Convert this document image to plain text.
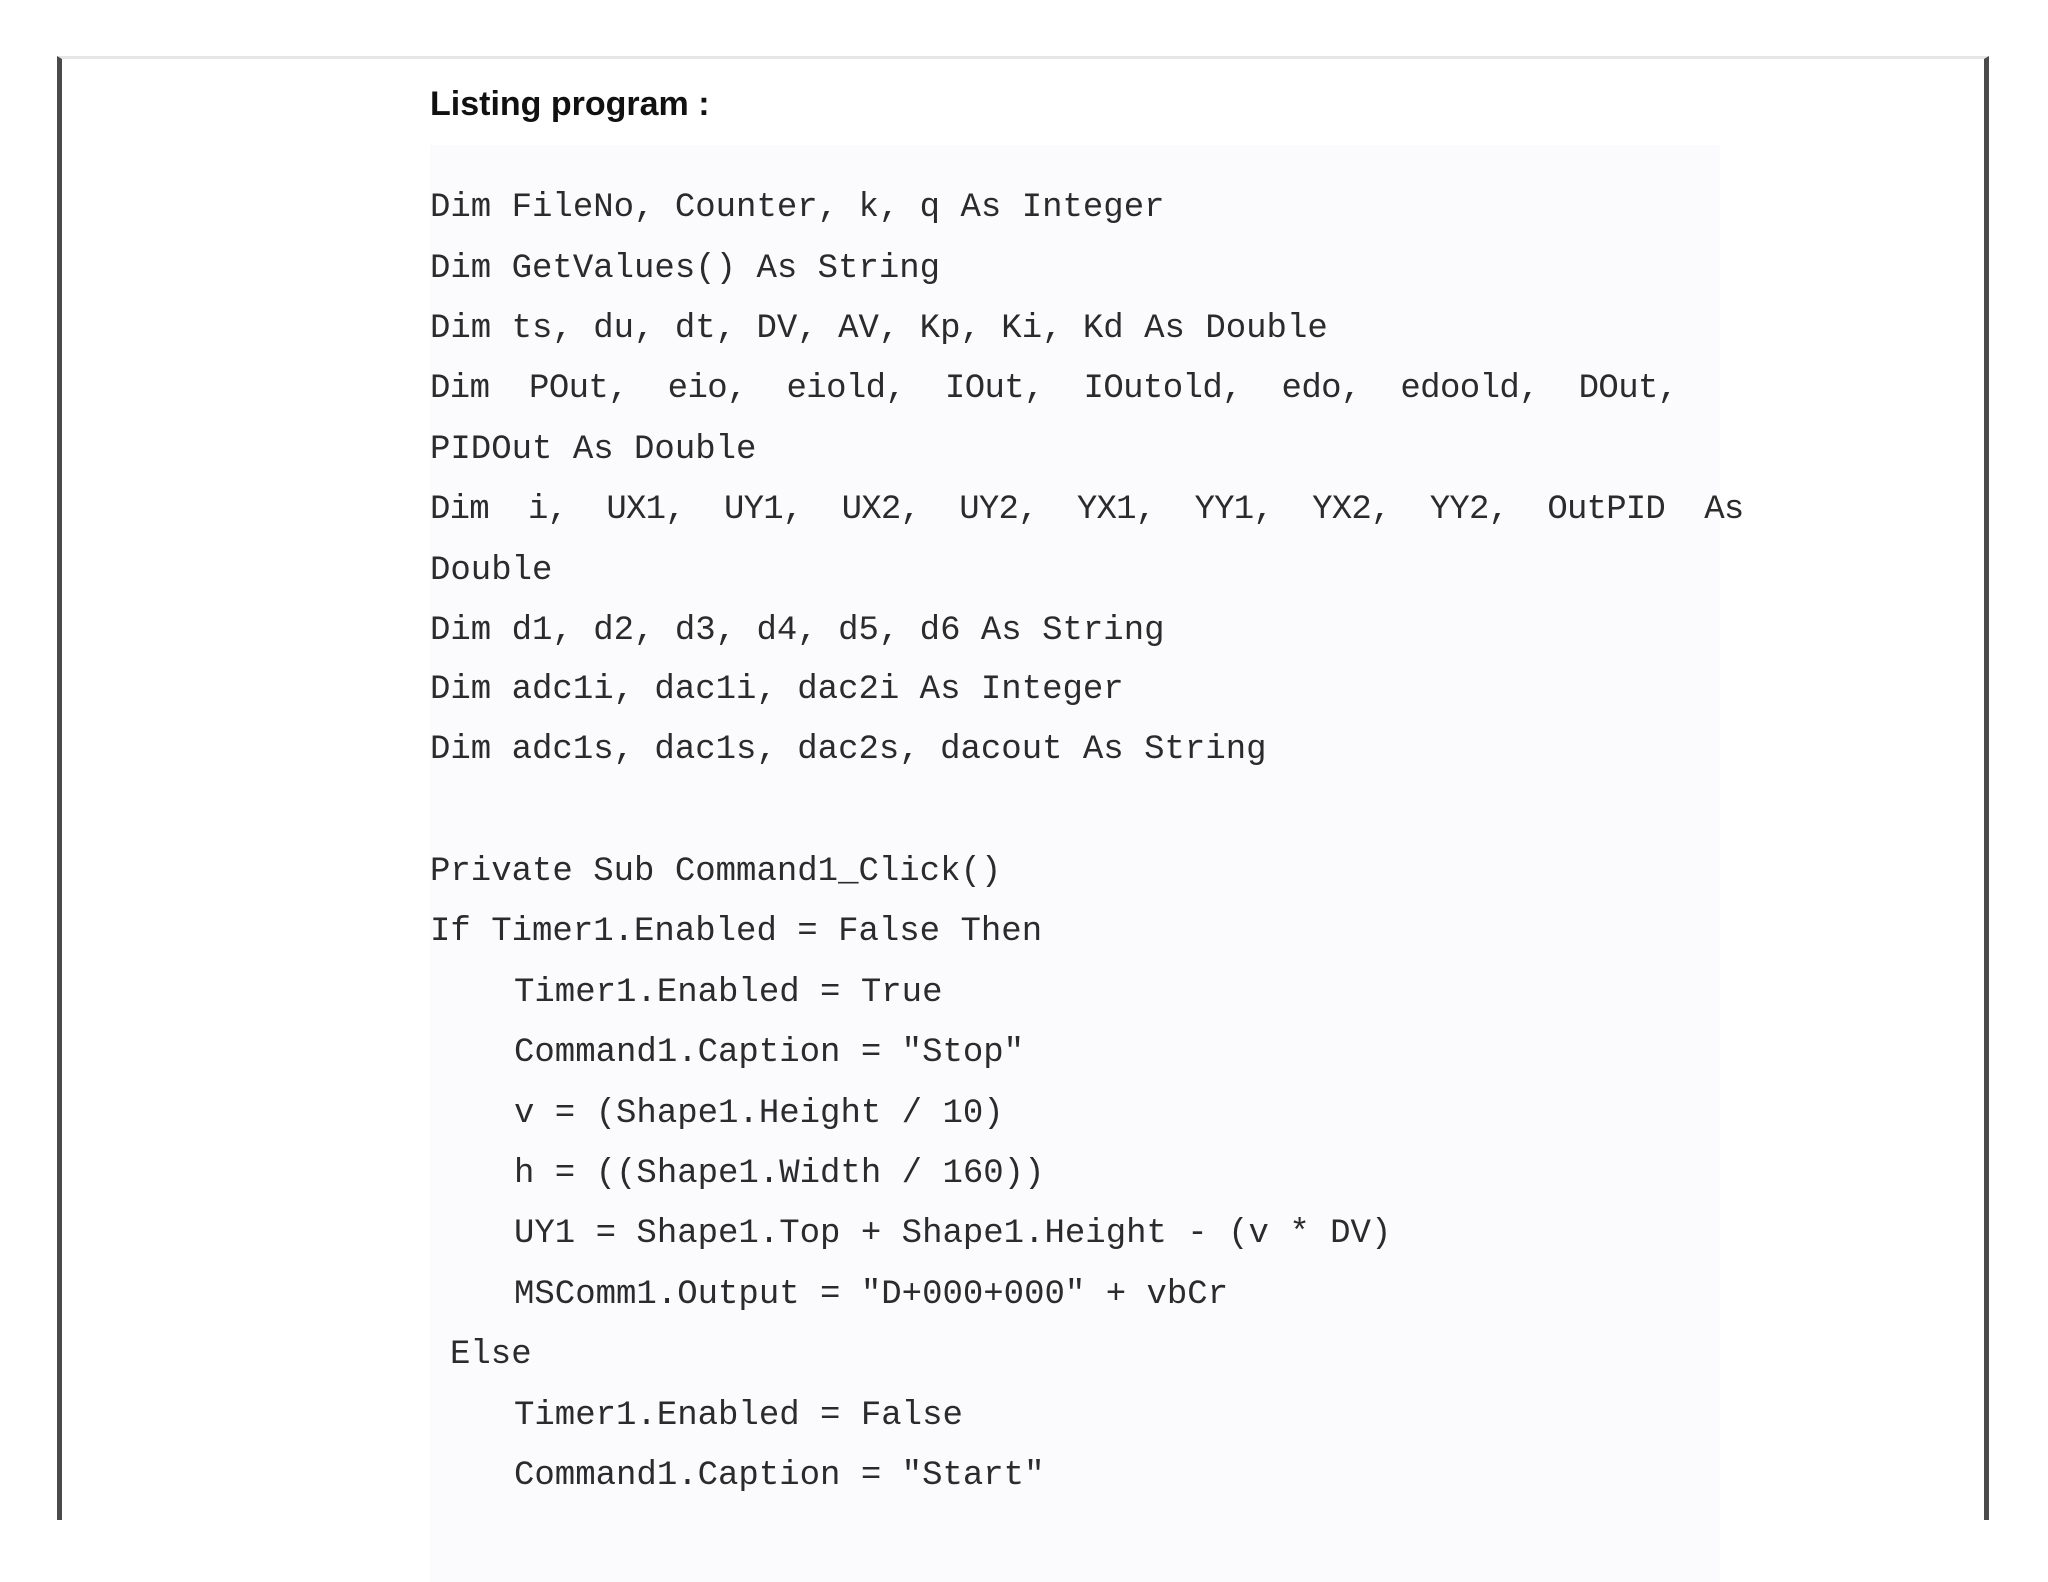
Listing program :
Dim FileNo, Counter, k, q As Integer
Dim GetValues() As String
Dim ts, du, dt, DV, AV, Kp, Ki, Kd As Double
Dim  POut,  eio,  eiold,  IOut,  IOutold,  edo,  edoold,  DOut,
PIDOut As Double
Dim  i,  UX1,  UY1,  UX2,  UY2,  YX1,  YY1,  YX2,  YY2,  OutPID  As
Double
Dim d1, d2, d3, d4, d5, d6 As String
Dim adc1i, dac1i, dac2i As Integer
Dim adc1s, dac1s, dac2s, dacout As String
Private Sub Command1_Click()
If Timer1.Enabled = False Then
Timer1.Enabled = True
Command1.Caption = "Stop"
v = (Shape1.Height / 10)
h = ((Shape1.Width / 160))
UY1 = Shape1.Top + Shape1.Height - (v * DV)
MSComm1.Output = "D+000+000" + vbCr
Else
Timer1.Enabled = False
Command1.Caption = "Start"
